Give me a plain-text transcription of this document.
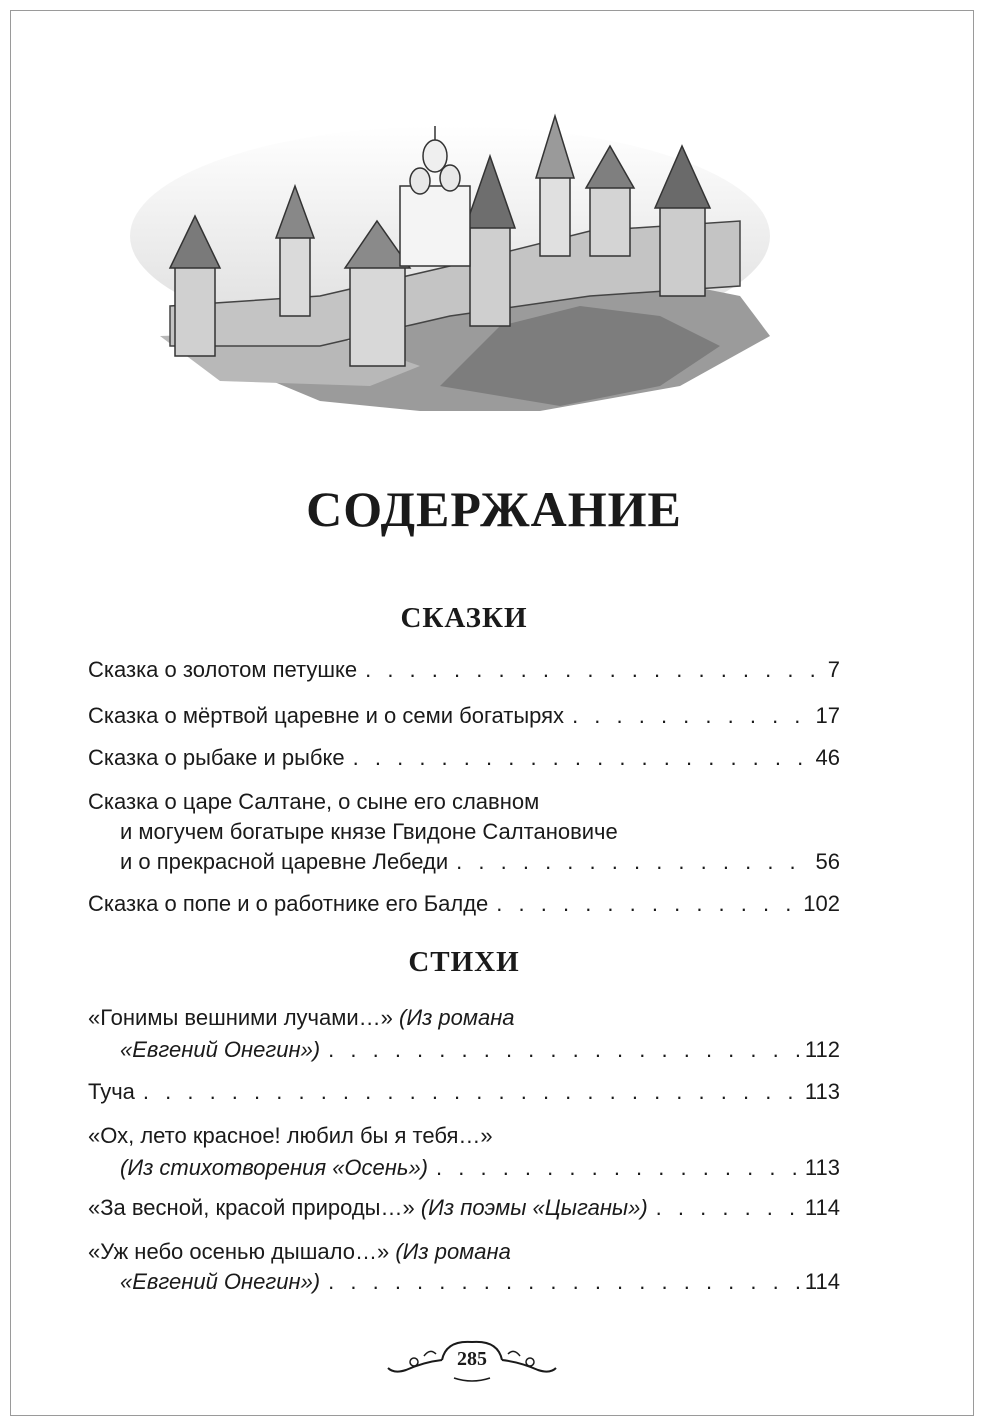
СОДЕРЖАНИЕ
СКАЗКИ
Сказка о золотом петушке . . .	7
Сказка о мёртвой царевне и о семи богатырях . . .	17
Сказка о рыбаке и рыбке . . .	46
Сказка о царе Салтане, о сыне его славном
и могучем богатыре князе Гвидоне Салтановиче
и о прекрасной царевне Лебеди . . .	56
Сказка о попе и о работнике его Балде . . .	102
СТИХИ
«Гонимы вешними лучами…» (Из романа
«Евгений Онегин») . . .	112
Туча . . .	113
«Ох, лето красное! любил бы я тебя…»
(Из стихотворения «Осень») . . .	113
«За весной, красой природы…» (Из поэмы «Цыганы») . . .	114
«Уж небо осенью дышало…» (Из романа
«Евгений Онегин») . . .	114
285
